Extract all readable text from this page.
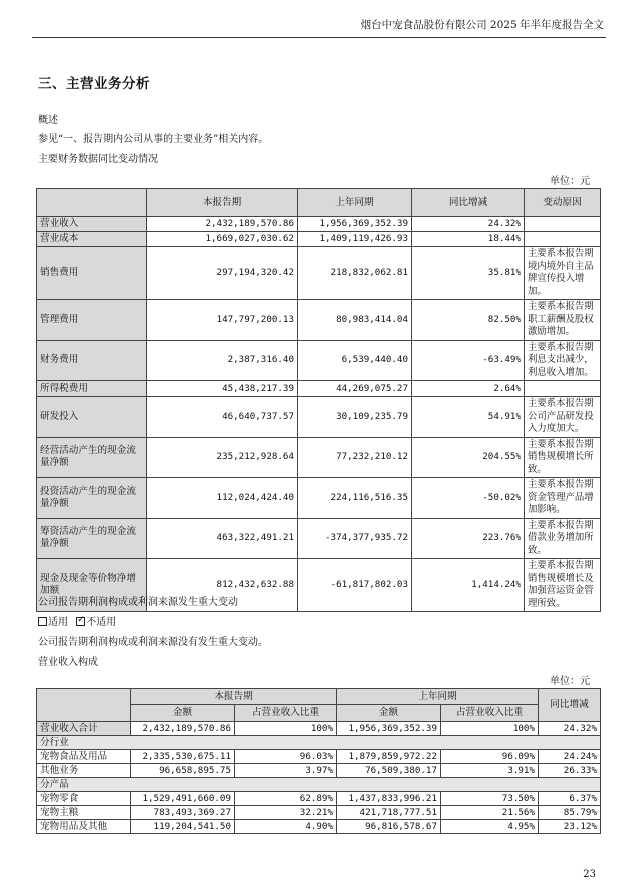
烟台中宠食品股份有限公司 2025 年半年度报告全文
三、主营业务分析
概述
参见“一、报告期内公司从事的主要业务”相关内容。
主要财务数据同比变动情况
单位：元
	本报告期	上年同期	同比增减	变动原因
营业收入	2,432,189,570.86	1,956,369,352.39	24.32%	
营业成本	1,669,027,030.62	1,409,119,426.93	18.44%	
销售费用	297,194,320.42	218,832,062.81	35.81%	主要系本报告期境内境外自主品牌宣传投入增加。
管理费用	147,797,200.13	80,983,414.04	82.50%	主要系本报告期职工薪酬及股权激励增加。
财务费用	2,387,316.40	6,539,440.40	-63.49%	主要系本报告期利息支出减少，利息收入增加。
所得税费用	45,438,217.39	44,269,075.27	2.64%	
研发投入	46,640,737.57	30,109,235.79	54.91%	主要系本报告期公司产品研发投入力度加大。
经营活动产生的现金流量净额	235,212,928.64	77,232,210.12	204.55%	主要系本报告期销售规模增长所致。
投资活动产生的现金流量净额	112,024,424.40	224,116,516.35	-50.02%	主要系本报告期资金管理产品增加影响。
筹资活动产生的现金流量净额	463,322,491.21	-374,377,935.72	223.76%	主要系本报告期借款业务增加所致。
现金及现金等价物净增加额	812,432,632.88	-61,817,802.03	1,414.24%	主要系本报告期销售规模增长及加强营运资金管理所致。
公司报告期利润构成或利润来源发生重大变动
适用 ✓ 不适用
公司报告期利润构成或利润来源没有发生重大变动。
营业收入构成
单位：元
	本报告期		上年同期		同比增减
	金额	占营业收入比重	金额	占营业收入比重	
营业收入合计	2,432,189,570.86	100%	1,956,369,352.39	100%	24.32%
分行业					
宠物食品及用品	2,335,530,675.11	96.03%	1,879,859,972.22	96.09%	24.24%
其他业务	96,658,895.75	3.97%	76,509,380.17	3.91%	26.33%
分产品					
宠物零食	1,529,491,660.09	62.89%	1,437,833,996.21	73.50%	6.37%
宠物主粮	783,493,369.27	32.21%	421,718,777.51	21.56%	85.79%
宠物用品及其他	119,204,541.50	4.90%	96,816,578.67	4.95%	23.12%
23
